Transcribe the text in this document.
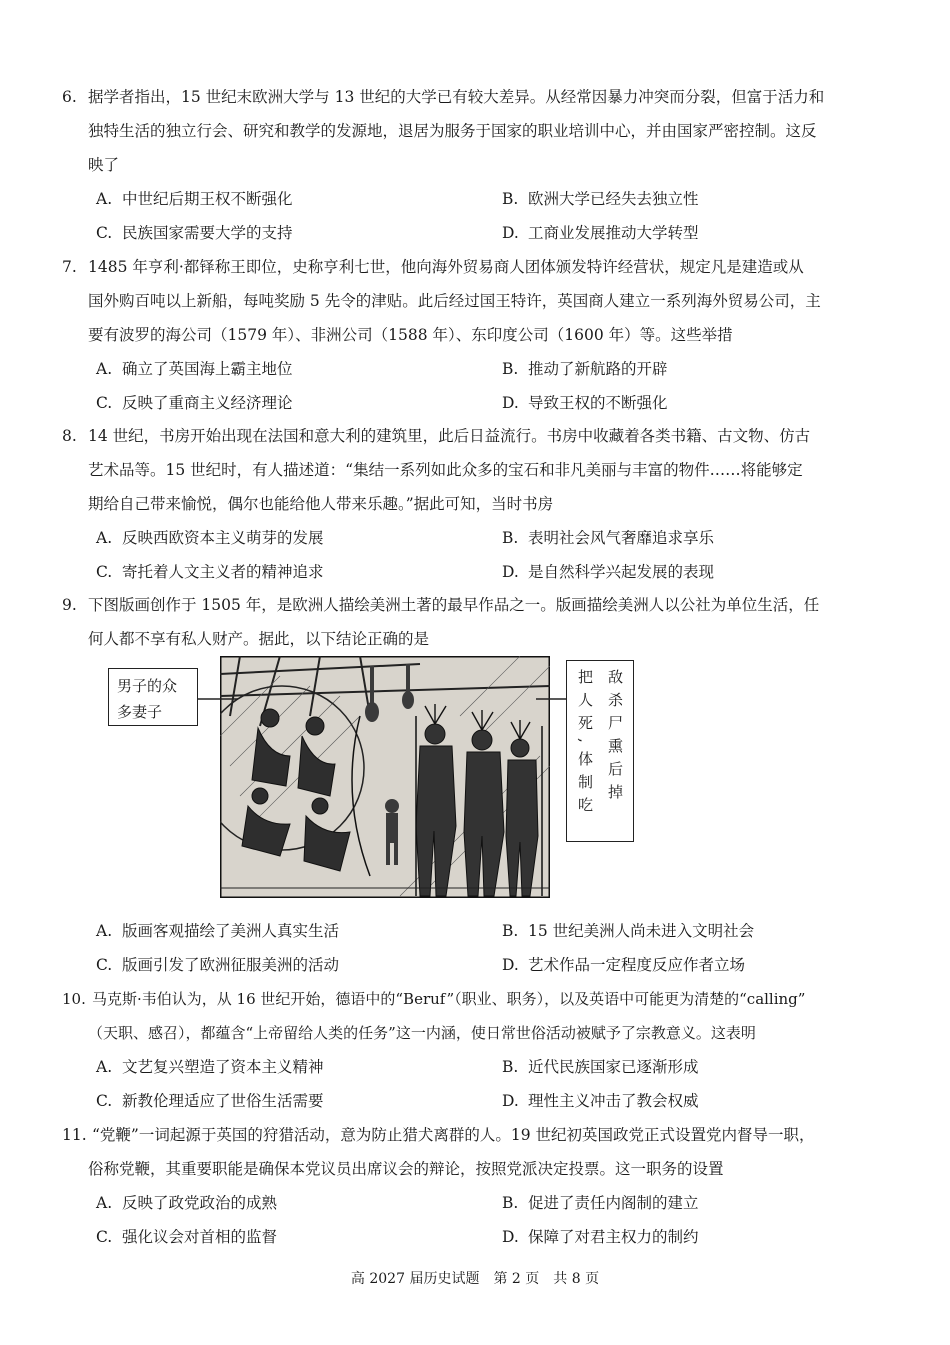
6. 据学者指出，15 世纪末欧洲大学与 13 世纪的大学已有较大差异。从经常因暴力冲突而分裂，但富于活力和
独特生活的独立行会、研究和教学的发源地，退居为服务于国家的职业培训中心，并由国家严密控制。这反
映了
A. 中世纪后期王权不断强化	B. 欧洲大学已经失去独立性
C. 民族国家需要大学的支持	D. 工商业发展推动大学转型
7. 1485 年亨利·都铎称王即位，史称亨利七世，他向海外贸易商人团体颁发特许经营状，规定凡是建造或从
国外购百吨以上新船，每吨奖励 5 先令的津贴。此后经过国王特许，英国商人建立一系列海外贸易公司，主
要有波罗的海公司（1579 年）、非洲公司（1588 年）、东印度公司（1600 年）等。这些举措
A. 确立了英国海上霸主地位	B. 推动了新航路的开辟
C. 反映了重商主义经济理论	D. 导致王权的不断强化
8. 14 世纪，书房开始出现在法国和意大利的建筑里，此后日益流行。书房中收藏着各类书籍、古文物、仿古
艺术品等。15 世纪时，有人描述道：“集结一系列如此众多的宝石和非凡美丽与丰富的物件……将能够定
期给自己带来愉悦，偶尔也能给他人带来乐趣。”据此可知，当时书房
A. 反映西欧资本主义萌芽的发展	B. 表明社会风气奢靡追求享乐
C. 寄托着人文主义者的精神追求	D. 是自然科学兴起发展的表现
9. 下图版画创作于 1505 年，是欧洲人描绘美洲土著的最早作品之一。版画描绘美洲人以公社为单位生活，任
何人都不享有私人财产。据此，以下结论正确的是
男子的众
多妻子	敌杀尸熏后掉
把人死,体制吃
A. 版画客观描绘了美洲人真实生活	B. 15 世纪美洲人尚未进入文明社会
C. 版画引发了欧洲征服美洲的活动	D. 艺术作品一定程度反应作者立场
10. 马克斯·韦伯认为，从 16 世纪开始，德语中的“Beruf”（职业、职务），以及英语中可能更为清楚的“calling”
（天职、感召），都蕴含“上帝留给人类的任务”这一内涵，使日常世俗活动被赋予了宗教意义。这表明
A. 文艺复兴塑造了资本主义精神	B. 近代民族国家已逐渐形成
C. 新教伦理适应了世俗生活需要	D. 理性主义冲击了教会权威
11. “党鞭”一词起源于英国的狩猎活动，意为防止猎犬离群的人。19 世纪初英国政党正式设置党内督导一职，
俗称党鞭，其重要职能是确保本党议员出席议会的辩论，按照党派决定投票。这一职务的设置
A. 反映了政党政治的成熟	B. 促进了责任内阁制的建立
C. 强化议会对首相的监督	D. 保障了对君主权力的制约
高 2027 届历史试题　第 2 页　共 8 页
